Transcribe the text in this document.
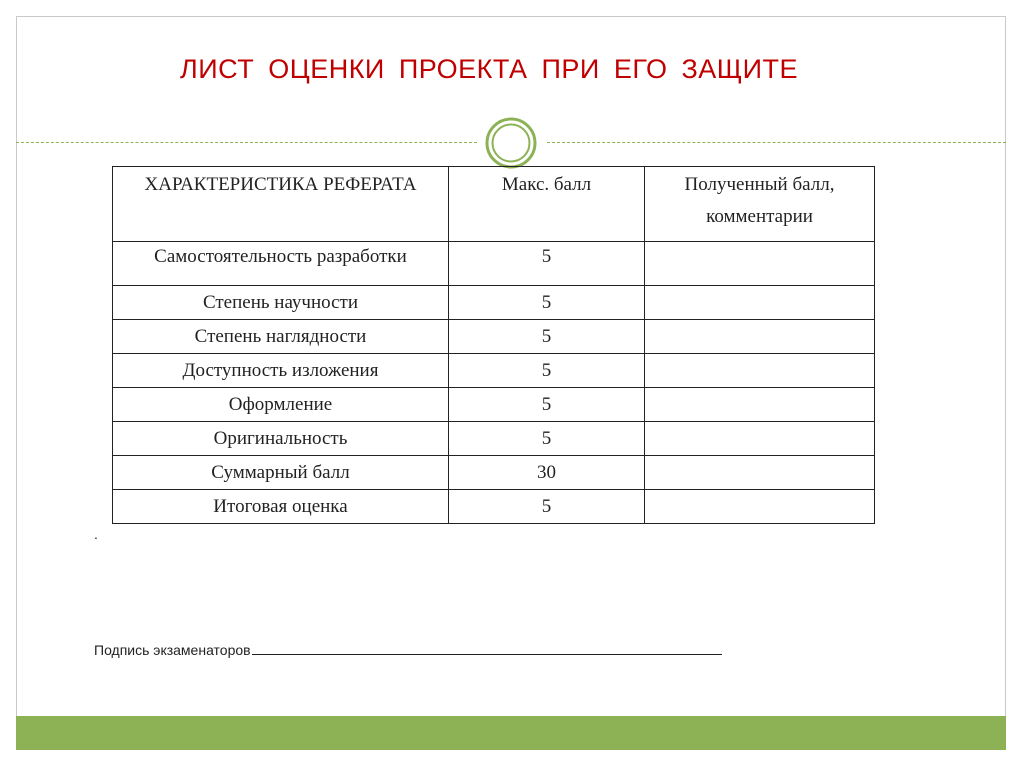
ЛИСТ ОЦЕНКИ ПРОЕКТА ПРИ ЕГО ЗАЩИТЕ
ХАРАКТЕРИСТИКА РЕФЕРАТА	Макс. балл	Полученный балл, комментарии
Самостоятельность разработки	5	
Степень научности	5	
Степень наглядности	5	
Доступность изложения	5	
Оформление	5	
Оригинальность	5	
Суммарный балл	30	
Итоговая оценка	5	
.
Подпись экзаменаторов
